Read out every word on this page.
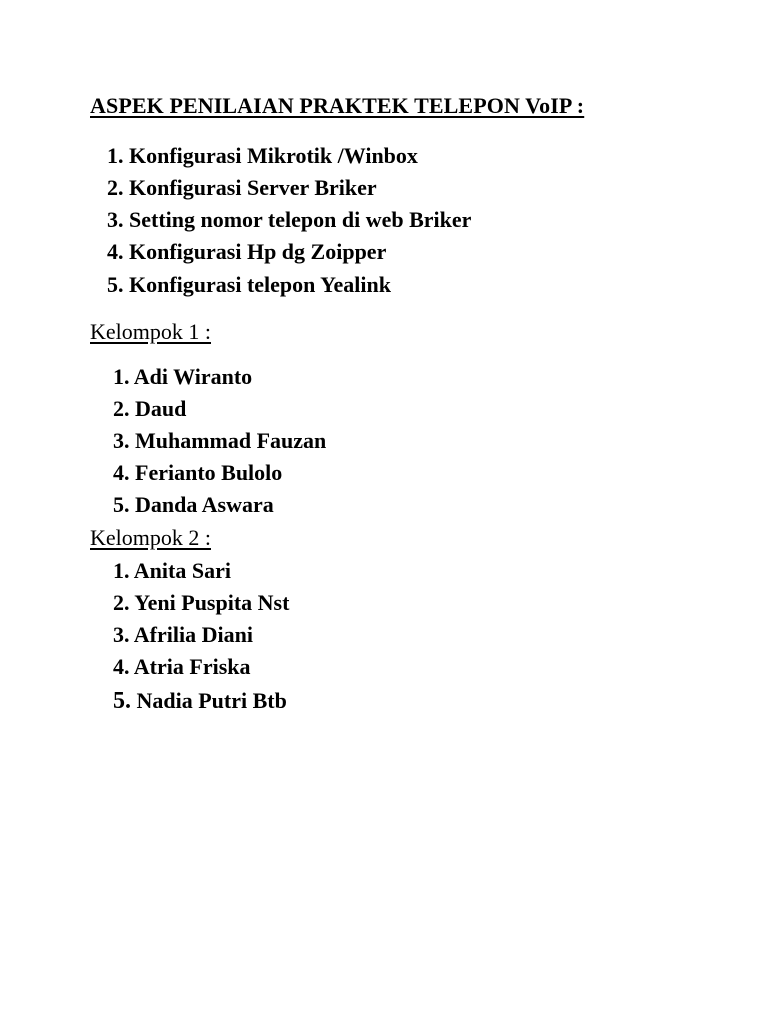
ASPEK PENILAIAN PRAKTEK TELEPON VoIP :
1. Konfigurasi Mikrotik /Winbox
2. Konfigurasi Server Briker
3. Setting nomor telepon di web Briker
4. Konfigurasi Hp dg Zoipper
5. Konfigurasi telepon Yealink
Kelompok 1 :
1. Adi Wiranto
2. Daud
3. Muhammad Fauzan
4. Ferianto Bulolo
5. Danda Aswara
Kelompok 2 :
1. Anita Sari
2. Yeni Puspita Nst
3. Afrilia Diani
4. Atria Friska
5. Nadia Putri Btb
